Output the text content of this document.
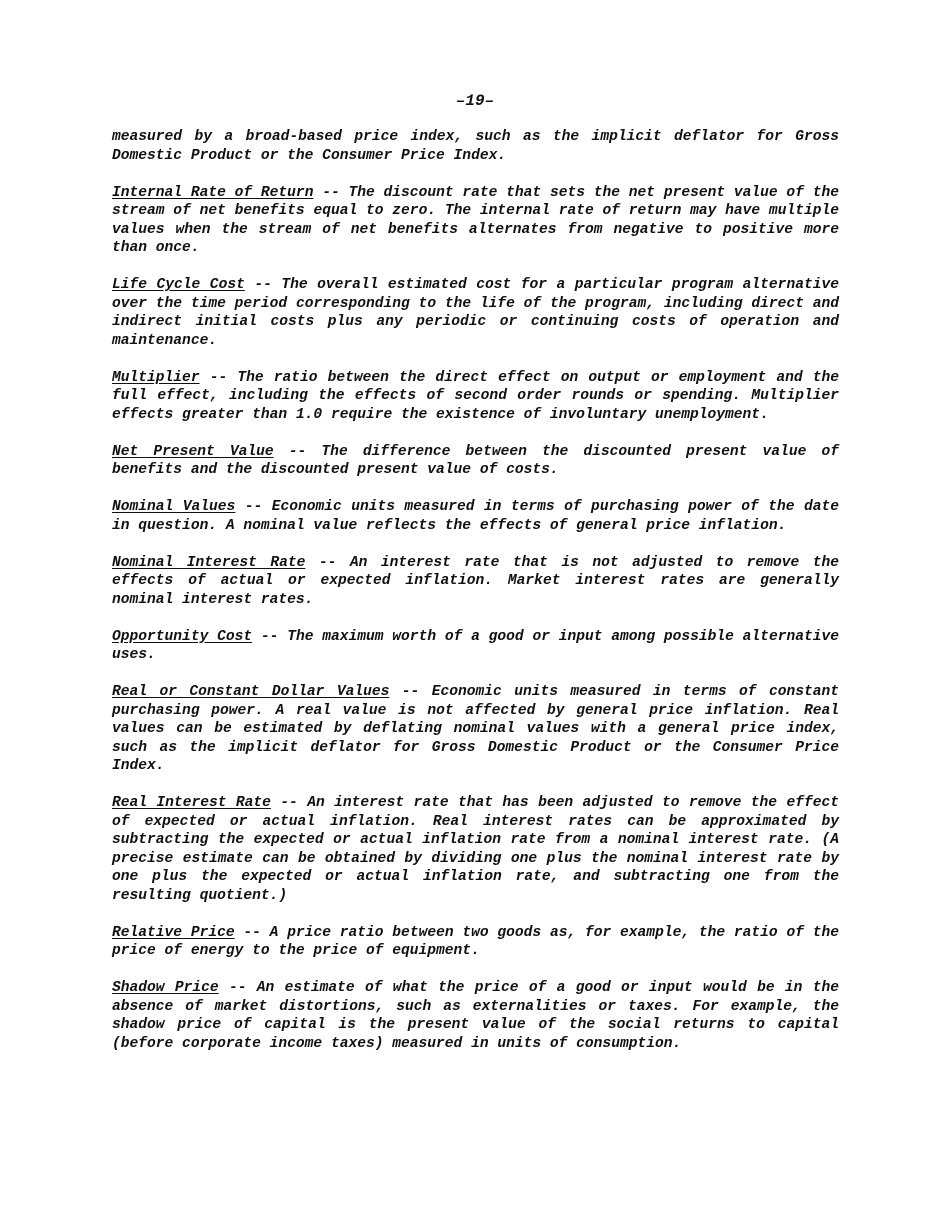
–19–

measured by a broad-based price index, such as the implicit deflator for Gross Domestic Product or the Consumer Price Index.

Internal Rate of Return -- The discount rate that sets the net present value of the stream of net benefits equal to zero. The internal rate of return may have multiple values when the stream of net benefits alternates from negative to positive more than once.

Life Cycle Cost -- The overall estimated cost for a particular program alternative over the time period corresponding to the life of the program, including direct and indirect initial costs plus any periodic or continuing costs of operation and maintenance.

Multiplier -- The ratio between the direct effect on output or employment and the full effect, including the effects of second order rounds or spending. Multiplier effects greater than 1.0 require the existence of involuntary unemployment.

Net Present Value -- The difference between the discounted present value of benefits and the discounted present value of costs.

Nominal Values -- Economic units measured in terms of purchasing power of the date in question. A nominal value reflects the effects of general price inflation.

Nominal Interest Rate -- An interest rate that is not adjusted to remove the effects of actual or expected inflation. Market interest rates are generally nominal interest rates.

Opportunity Cost -- The maximum worth of a good or input among possible alternative uses.

Real or Constant Dollar Values -- Economic units measured in terms of constant purchasing power. A real value is not affected by general price inflation. Real values can be estimated by deflating nominal values with a general price index, such as the implicit deflator for Gross Domestic Product or the Consumer Price Index.

Real Interest Rate -- An interest rate that has been adjusted to remove the effect of expected or actual inflation. Real interest rates can be approximated by subtracting the expected or actual inflation rate from a nominal interest rate. (A precise estimate can be obtained by dividing one plus the nominal interest rate by one plus the expected or actual inflation rate, and subtracting one from the resulting quotient.)

Relative Price -- A price ratio between two goods as, for example, the ratio of the price of energy to the price of equipment.

Shadow Price -- An estimate of what the price of a good or input would be in the absence of market distortions, such as externalities or taxes. For example, the shadow price of capital is the present value of the social returns to capital (before corporate income taxes) measured in units of consumption.
